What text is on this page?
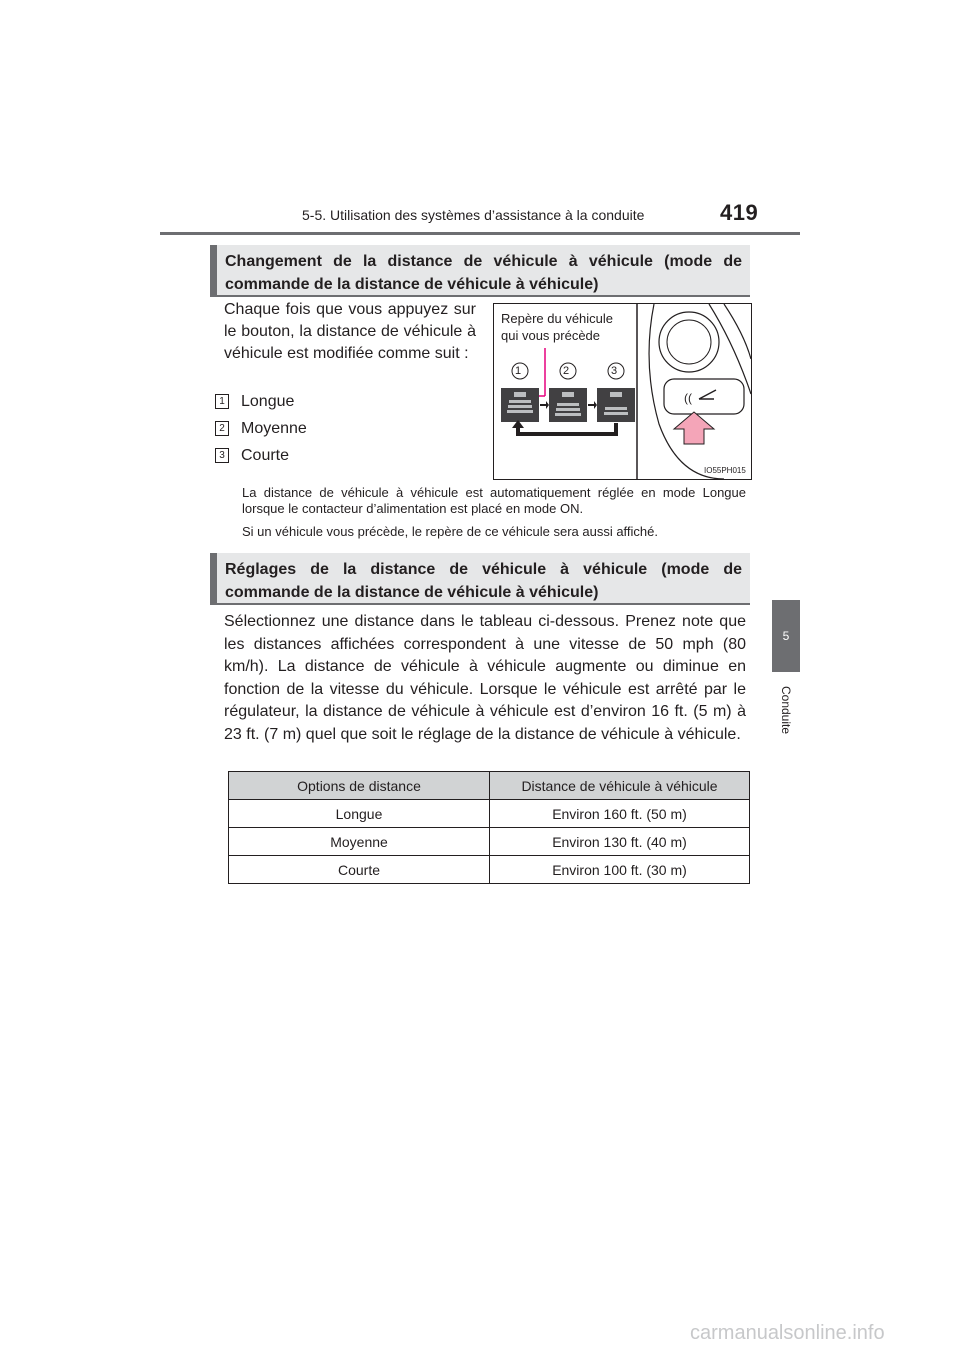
5-5. Utilisation des systèmes d’assistance à la conduite	419
5
Conduite
Changement de la distance de véhicule à véhicule (mode de commande de la distance de véhicule à véhicule)
Chaque fois que vous appuyez sur le bouton, la distance de véhicule à véhicule est modifiée comme suit :
1 Longue
2 Moyenne
3 Courte
((
Repère du véhicule
qui vous précède
1	2	3
IO55PH015
La distance de véhicule à véhicule est automatiquement réglée en mode Longue lorsque le contacteur d’alimentation est placé en mode ON.
Si un véhicule vous précède, le repère de ce véhicule sera aussi affiché.
Réglages de la distance de véhicule à véhicule (mode de commande de la distance de véhicule à véhicule)
Sélectionnez une distance dans le tableau ci-dessous. Prenez note que les distances affichées correspondent à une vitesse de 50 mph (80 km/h). La distance de véhicule à véhicule augmente ou diminue en fonction de la vitesse du véhicule. Lorsque le véhicule est arrêté par le régulateur, la distance de véhicule à véhicule est d’environ 16 ft. (5 m) à 23 ft. (7 m) quel que soit le réglage de la distance de véhicule à véhicule.
Options de distance	Distance de véhicule à véhicule
Longue	Environ 160 ft. (50 m)
Moyenne	Environ 130 ft. (40 m)
Courte	Environ 100 ft. (30 m)
carmanualsonline.info
